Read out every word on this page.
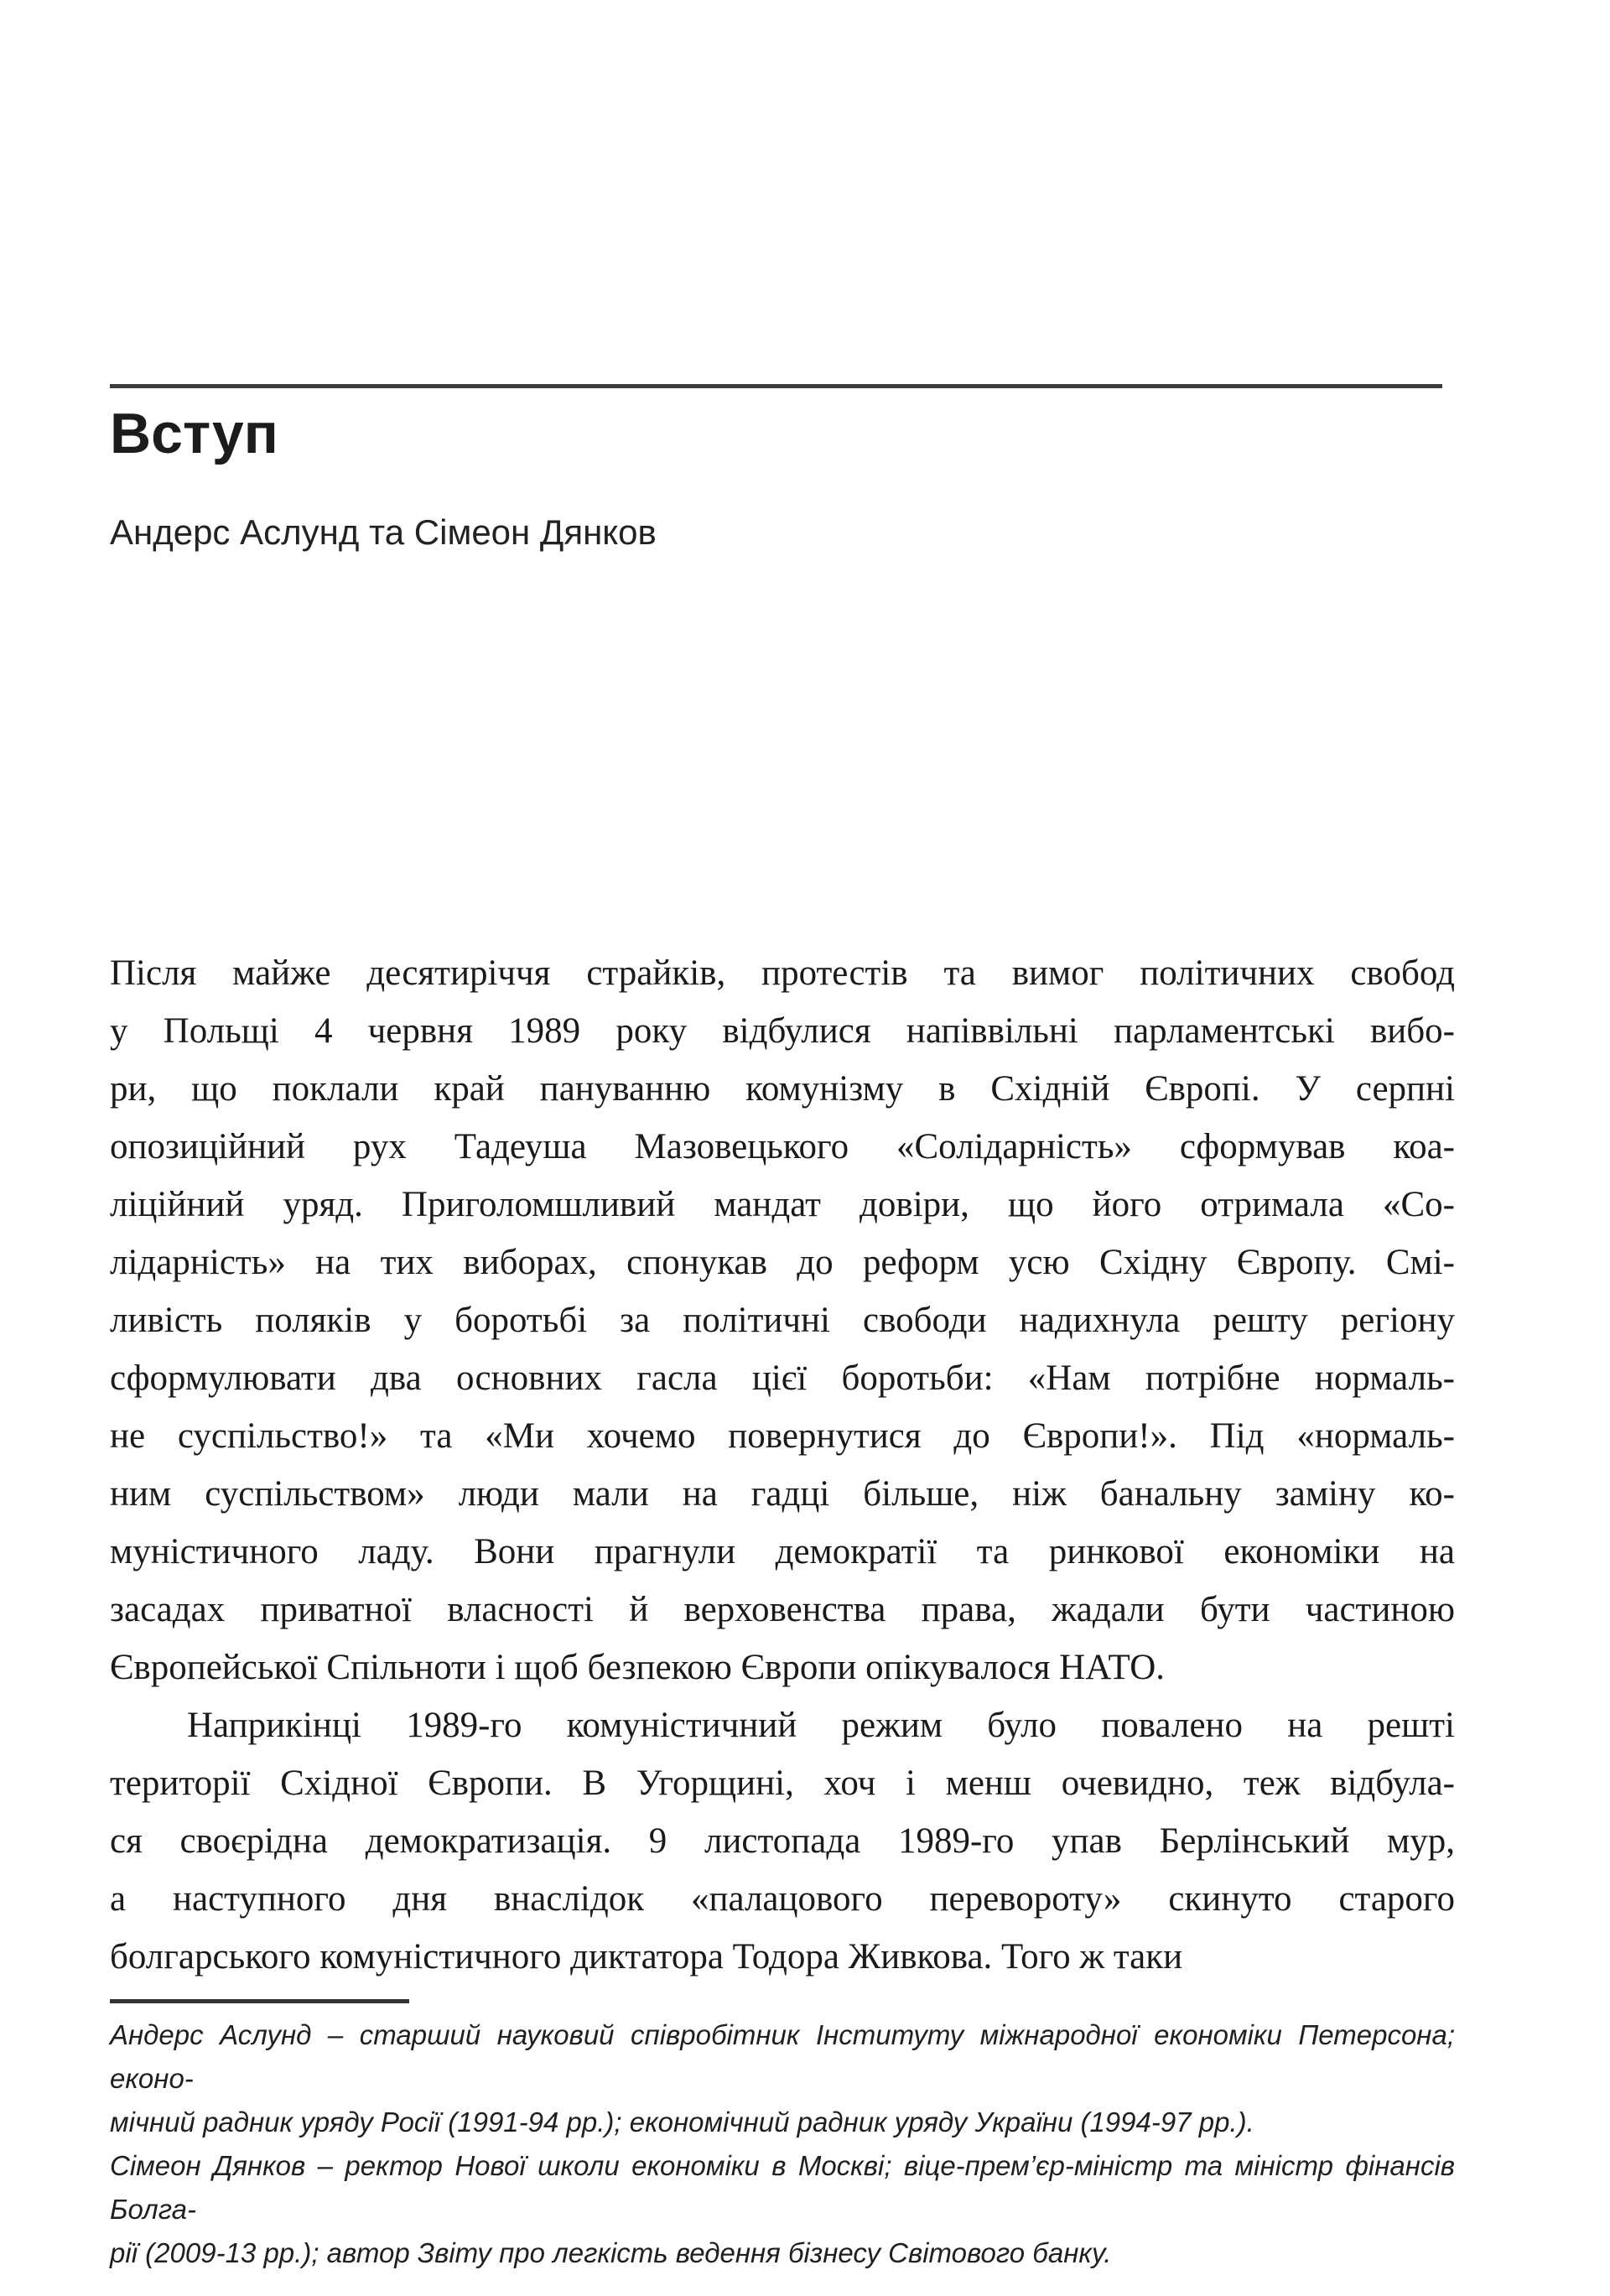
Вступ
Андерс Аслунд та Сімеон Дянков
Після майже десятиріччя страйків, протестів та вимог політичних свобод
у Польщі 4 червня 1989 року відбулися напіввільні парламентські вибо-
ри, що поклали край пануванню комунізму в Східній Європі. У серпні
опозиційний рух Тадеуша Мазовецького «Солідарність» сформував коа-
ліційний уряд. Приголомшливий мандат довіри, що його отримала «Со-
лідарність» на тих виборах, спонукав до реформ усю Східну Європу. Смі-
ливість поляків у боротьбі за політичні свободи надихнула решту регіону
сформулювати два основних гасла цієї боротьби: «Нам потрібне нормаль-
не суспільство!» та «Ми хочемо повернутися до Європи!». Під «нормаль-
ним суспільством» люди мали на гадці більше, ніж банальну заміну ко-
муністичного ладу. Вони прагнули демократії та ринкової економіки на
засадах приватної власності й верховенства права, жадали бути частиною
Європейської Спільноти і щоб безпекою Європи опікувалося НАТО.
Наприкінці 1989-го комуністичний режим було повалено на решті
території Східної Європи. В Угорщині, хоч і менш очевидно, теж відбула-
ся своєрідна демократизація. 9 листопада 1989-го упав Берлінський мур,
а наступного дня внаслідок «палацового перевороту» скинуто старого
болгарського комуністичного диктатора Тодора Живкова. Того ж таки
Андерс Аслунд – старший науковий співробітник Інституту міжнародної економіки Петерсона; еконо-
мічний радник уряду Росії (1991-94 рр.); економічний радник уряду України (1994-97 рр.).
Сімеон Дянков – ректор Нової школи економіки в Москві; віце-прем’єр-міністр та міністр фінансів Болга-
рії (2009-13 рр.); автор Звіту про легкість ведення бізнесу Світового банку.
